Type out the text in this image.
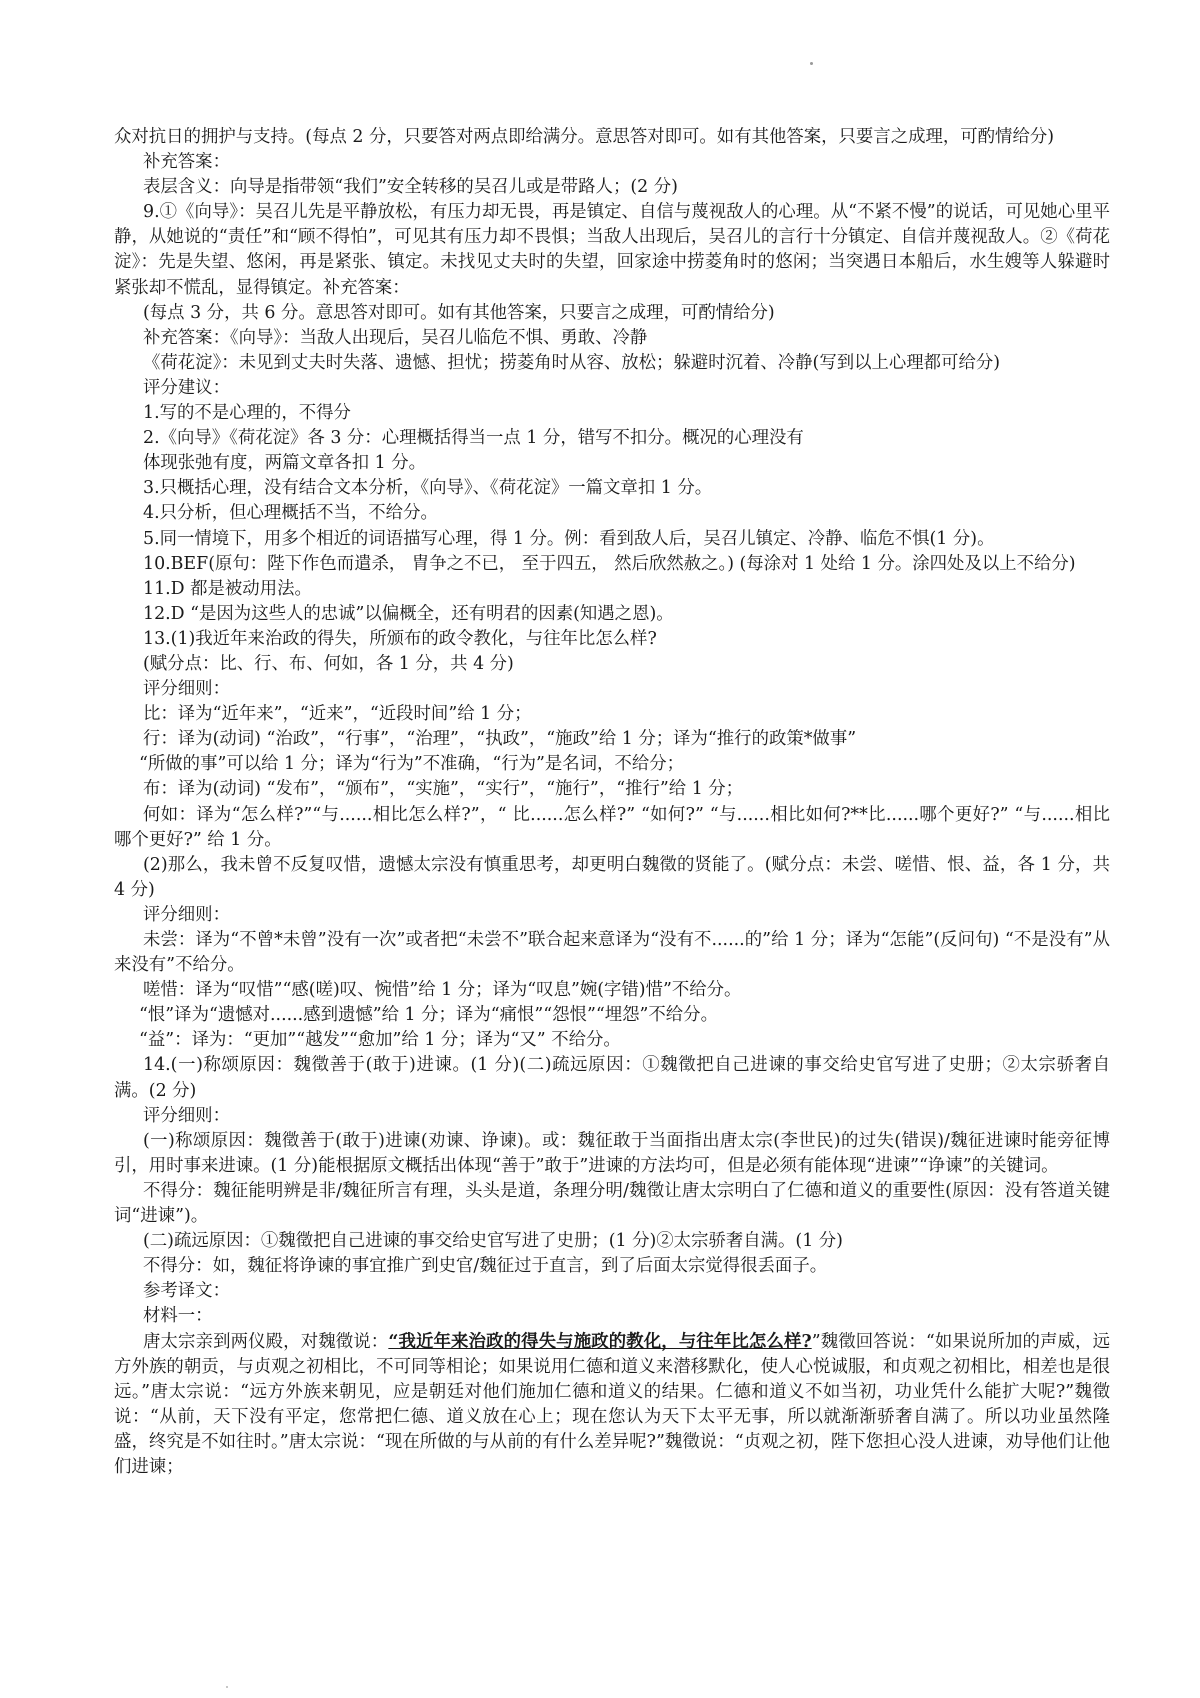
众对抗日的拥护与支持。(每点 2 分，只要答对两点即给满分。意思答对即可。如有其他答案，只要言之成理，可酌情给分)

补充答案：

表层含义：向导是指带领“我们”安全转移的吴召儿或是带路人；(2 分)

9.①《向导》：吴召儿先是平静放松，有压力却无畏，再是镇定、自信与蔑视敌人的心理。从“不紧不慢”的说话，可见她心里平静，从她说的“责任”和“顾不得怕”，可见其有压力却不畏惧；当敌人出现后，吴召儿的言行十分镇定、自信并蔑视敌人。②《荷花淀》：先是失望、悠闲，再是紧张、镇定。未找见丈夫时的失望，回家途中捞菱角时的悠闲；当突遇日本船后，水生嫂等人躲避时紧张却不慌乱，显得镇定。补充答案：

(每点 3 分，共 6 分。意思答对即可。如有其他答案，只要言之成理，可酌情给分)

补充答案：《向导》：当敌人出现后，吴召儿临危不惧、勇敢、冷静

《荷花淀》：未见到丈夫时失落、遗憾、担忧；捞菱角时从容、放松；躲避时沉着、冷静(写到以上心理都可给分)

评分建议：

1.写的不是心理的，不得分

2.《向导》《荷花淀》各 3 分：心理概括得当一点 1 分，错写不扣分。概况的心理没有

体现张弛有度，两篇文章各扣 1 分。

3.只概括心理，没有结合文本分析，《向导》、《荷花淀》一篇文章扣 1 分。

4.只分析，但心理概括不当，不给分。

5.同一情境下，用多个相近的词语描写心理，得 1 分。例：看到敌人后，吴召儿镇定、冷静、临危不惧(1 分)。

10.BEF(原句：陛下作色而遣杀， 胄争之不已， 至于四五， 然后欣然赦之。) (每涂对 1 处给 1 分。涂四处及以上不给分)

11.D 都是被动用法。

12.D “是因为这些人的忠诚”以偏概全，还有明君的因素(知遇之恩)。

13.(1)我近年来治政的得失，所颁布的政令教化，与往年比怎么样?

(赋分点：比、行、布、何如，各 1 分，共 4 分)

评分细则：

比：译为“近年来”，“近来”，“近段时间”给 1 分；

行：译为(动词) “治政”，“行事”，“治理”，“执政”，“施政”给 1 分；译为“推行的政策*做事”

“所做的事”可以给 1 分；译为“行为”不准确，“行为”是名词，不给分；

布：译为(动词) “发布”，“颁布”，“实施”，“实行”，“施行”，“推行”给 1 分；

何如：译为“怎么样?”“与......相比怎么样?”，“ 比......怎么样?” “如何?” “与......相比如何?**比......哪个更好?” “与......相比哪个更好?” 给 1 分。

(2)那么，我未曾不反复叹惜，遗憾太宗没有慎重思考，却更明白魏徵的贤能了。(赋分点：未尝、嗟惜、恨、益，各 1 分，共 4 分)

评分细则：

未尝：译为“不曾*未曾”没有一次”或者把“未尝不”联合起来意译为“没有不......的”给 1 分；译为“怎能”(反问句) “不是没有”从来没有”不给分。

嗟惜：译为“叹惜”“感(嗟)叹、惋惜”给 1 分；译为“叹息”婉(字错)惜”不给分。

“恨”译为“遗憾对......感到遗憾”给 1 分；译为“痛恨”“怨恨”“埋怨”不给分。

“益”：译为：“更加”“越发”“愈加”给 1 分；译为“又” 不给分。

14.(一)称颂原因：魏徵善于(敢于)进谏。(1 分)(二)疏远原因：①魏徵把自己进谏的事交给史官写进了史册；②太宗骄奢自满。(2 分)

评分细则：

(一)称颂原因：魏徵善于(敢于)进谏(劝谏、诤谏)。或：魏征敢于当面指出唐太宗(李世民)的过失(错误)/魏征进谏时能旁征博引，用时事来进谏。(1 分)能根据原文概括出体现“善于”敢于”进谏的方法均可，但是必须有能体现“进谏”“诤谏”的关键词。

不得分：魏征能明辨是非/魏征所言有理，头头是道，条理分明/魏徵让唐太宗明白了仁德和道义的重要性(原因：没有答道关键词“进谏”)。

(二)疏远原因：①魏徵把自己进谏的事交给史官写进了史册；(1 分)②太宗骄奢自满。(1 分)

不得分：如，魏征将诤谏的事宜推广到史官/魏征过于直言，到了后面太宗觉得很丢面子。

参考译文：

材料一：

唐太宗亲到两仪殿，对魏徵说：“我近年来治政的得失与施政的教化，与往年比怎么样?”魏徵回答说：“如果说所加的声威，远方外族的朝贡，与贞观之初相比，不可同等相论；如果说用仁德和道义来潜移默化，使人心悦诚服，和贞观之初相比，相差也是很远。”唐太宗说：“远方外族来朝见，应是朝廷对他们施加仁德和道义的结果。仁德和道义不如当初，功业凭什么能扩大呢?”魏徵说：“从前，天下没有平定，您常把仁德、道义放在心上；现在您认为天下太平无事，所以就渐渐骄奢自满了。所以功业虽然隆盛，终究是不如往时。”唐太宗说：“现在所做的与从前的有什么差异呢?”魏徵说：“贞观之初，陛下您担心没人进谏，劝导他们让他们进谏；
